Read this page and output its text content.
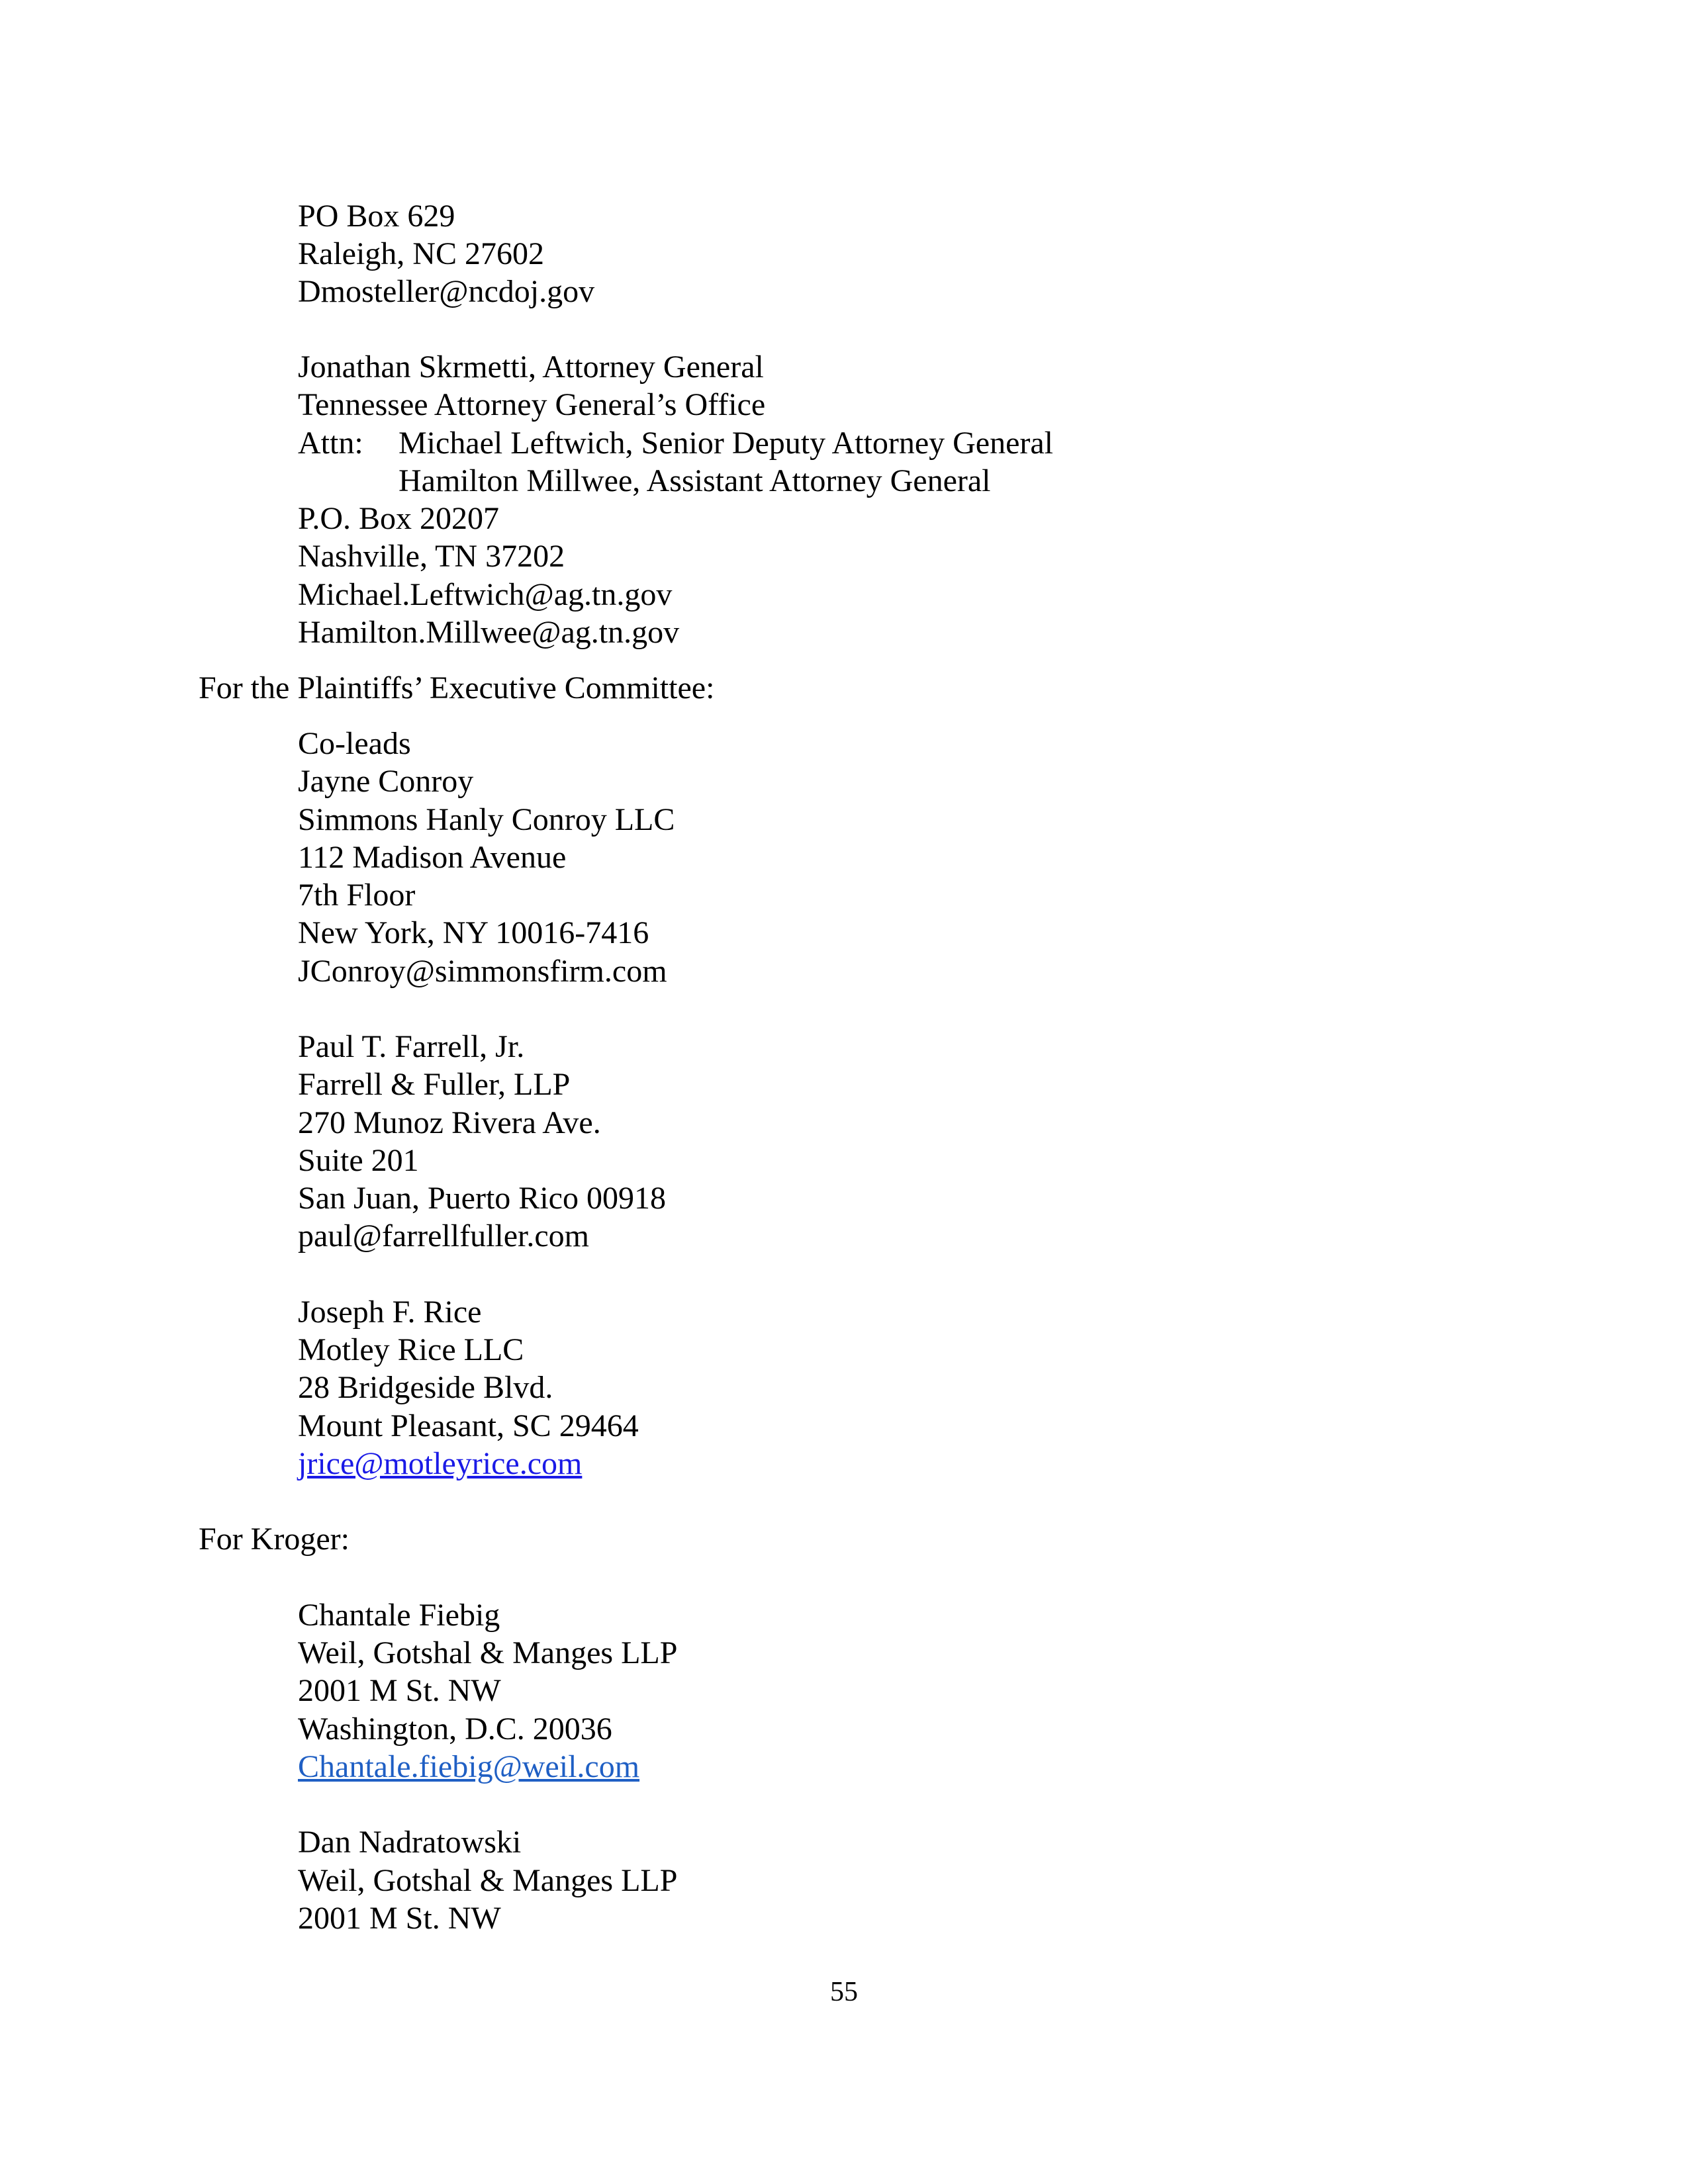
PO Box 629
Raleigh, NC 27602
Dmosteller@ncdoj.gov
Jonathan Skrmetti, Attorney General
Tennessee Attorney General’s Office
Attn: Michael Leftwich, Senior Deputy Attorney General
Hamilton Millwee, Assistant Attorney General
P.O. Box 20207
Nashville, TN 37202
Michael.Leftwich@ag.tn.gov
Hamilton.Millwee@ag.tn.gov
For the Plaintiffs’ Executive Committee:
Co-leads
Jayne Conroy
Simmons Hanly Conroy LLC
112 Madison Avenue
7th Floor
New York, NY 10016-7416
JConroy@simmonsfirm.com
Paul T. Farrell, Jr.
Farrell & Fuller, LLP
270 Munoz Rivera Ave.
Suite 201
San Juan, Puerto Rico 00918
paul@farrellfuller.com
Joseph F. Rice
Motley Rice LLC
28 Bridgeside Blvd.
Mount Pleasant, SC 29464
jrice@motleyrice.com
For Kroger:
Chantale Fiebig
Weil, Gotshal & Manges LLP
2001 M St. NW
Washington, D.C. 20036
Chantale.fiebig@weil.com
Dan Nadratowski
Weil, Gotshal & Manges LLP
2001 M St. NW
55
